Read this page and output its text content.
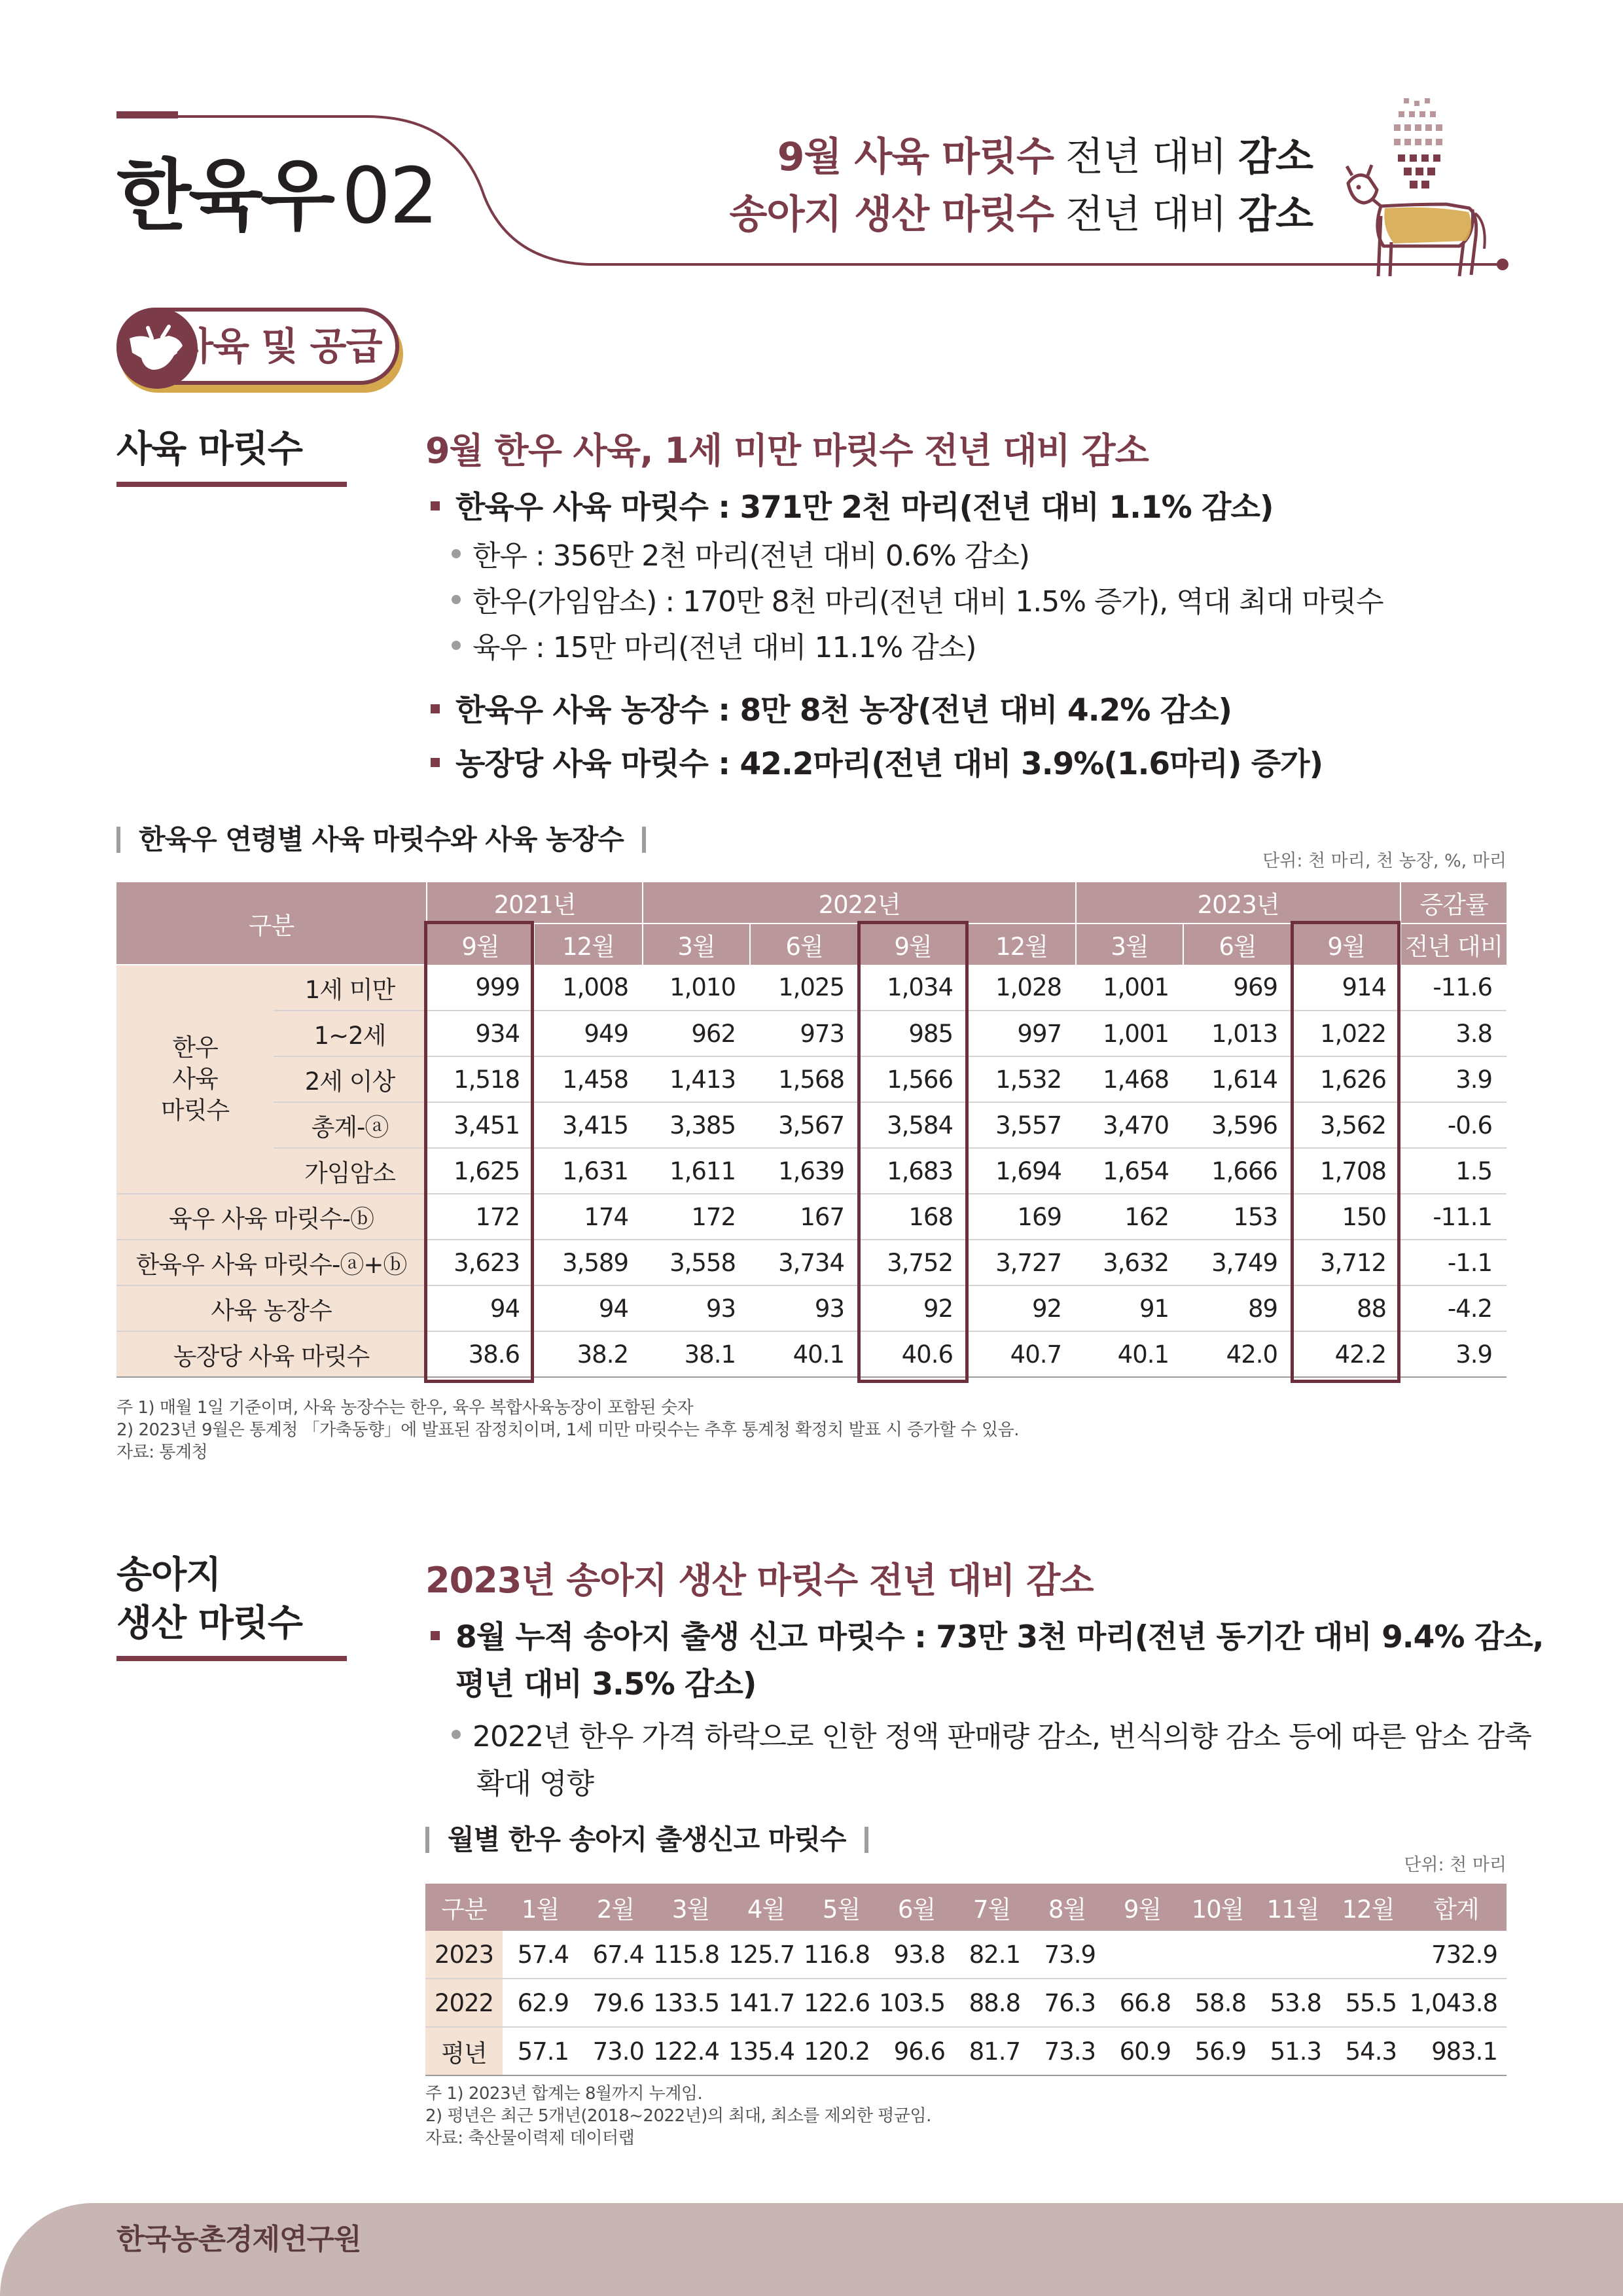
한육우 02	9월 사육 마릿수 전년 대비 감소
송아지 생산 마릿수 전년 대비 감소
사육 및 공급
사육 마릿수	9월 한우 사육, 1세 미만 마릿수 전년 대비 감소
한육우 사육 마릿수 : 371만 2천 마리(전년 대비 1.1% 감소)
한우 : 356만 2천 마리(전년 대비 0.6% 감소)
한우(가임암소) : 170만 8천 마리(전년 대비 1.5% 증가), 역대 최대 마릿수
육우 : 15만 마리(전년 대비 11.1% 감소)
한육우 사육 농장수 : 8만 8천 농장(전년 대비 4.2% 감소)
농장당 사육 마릿수 : 42.2마리(전년 대비 3.9%(1.6마리) 증가)
한육우 연령별 사육 마릿수와 사육 농장수
단위: 천 마리, 천 농장, %, 마리
구분		2021년		2022년				2023년			증감률
		9월	12월	3월	6월	9월	12월	3월	6월	9월	전년 대비
한우
사육
마릿수	1세 미만	999	1,008	1,010	1,025	1,034	1,028	1,001	969	914	-11.6
	1~2세	934	949	962	973	985	997	1,001	1,013	1,022	3.8
	2세 이상	1,518	1,458	1,413	1,568	1,566	1,532	1,468	1,614	1,626	3.9
	총계-ⓐ	3,451	3,415	3,385	3,567	3,584	3,557	3,470	3,596	3,562	-0.6
	가임암소	1,625	1,631	1,611	1,639	1,683	1,694	1,654	1,666	1,708	1.5
육우 사육 마릿수-ⓑ		172	174	172	167	168	169	162	153	150	-11.1
한육우 사육 마릿수-ⓐ+ⓑ		3,623	3,589	3,558	3,734	3,752	3,727	3,632	3,749	3,712	-1.1
사육 농장수		94	94	93	93	92	92	91	89	88	-4.2
농장당 사육 마릿수		38.6	38.2	38.1	40.1	40.6	40.7	40.1	42.0	42.2	3.9
주 1) 매월 1일 기준이며, 사육 농장수는 한우, 육우 복합사육농장이 포함된 숫자
2) 2023년 9월은 통계청 「가축동향」에 발표된 잠정치이며, 1세 미만 마릿수는 추후 통계청 확정치 발표 시 증가할 수 있음.
자료: 통계청
송아지
생산 마릿수
2023년 송아지 생산 마릿수 전년 대비 감소
8월 누적 송아지 출생 신고 마릿수 : 73만 3천 마리(전년 동기간 대비 9.4% 감소,
평년 대비 3.5% 감소)
2022년 한우 가격 하락으로 인한 정액 판매량 감소, 번식의향 감소 등에 따른 암소 감축
확대 영향
월별 한우 송아지 출생신고 마릿수
단위: 천 마리
구분	1월	2월	3월	4월	5월	6월	7월	8월	9월	10월	11월	12월	합계
2023	57.4	67.4	115.8	125.7	116.8	93.8	82.1	73.9					732.9
2022	62.9	79.6	133.5	141.7	122.6	103.5	88.8	76.3	66.8	58.8	53.8	55.5	1,043.8
평년	57.1	73.0	122.4	135.4	120.2	96.6	81.7	73.3	60.9	56.9	51.3	54.3	983.1
주 1) 2023년 합계는 8월까지 누계임.
2) 평년은 최근 5개년(2018~2022년)의 최대, 최소를 제외한 평균임.
자료: 축산물이력제 데이터랩
한국농촌경제연구원
